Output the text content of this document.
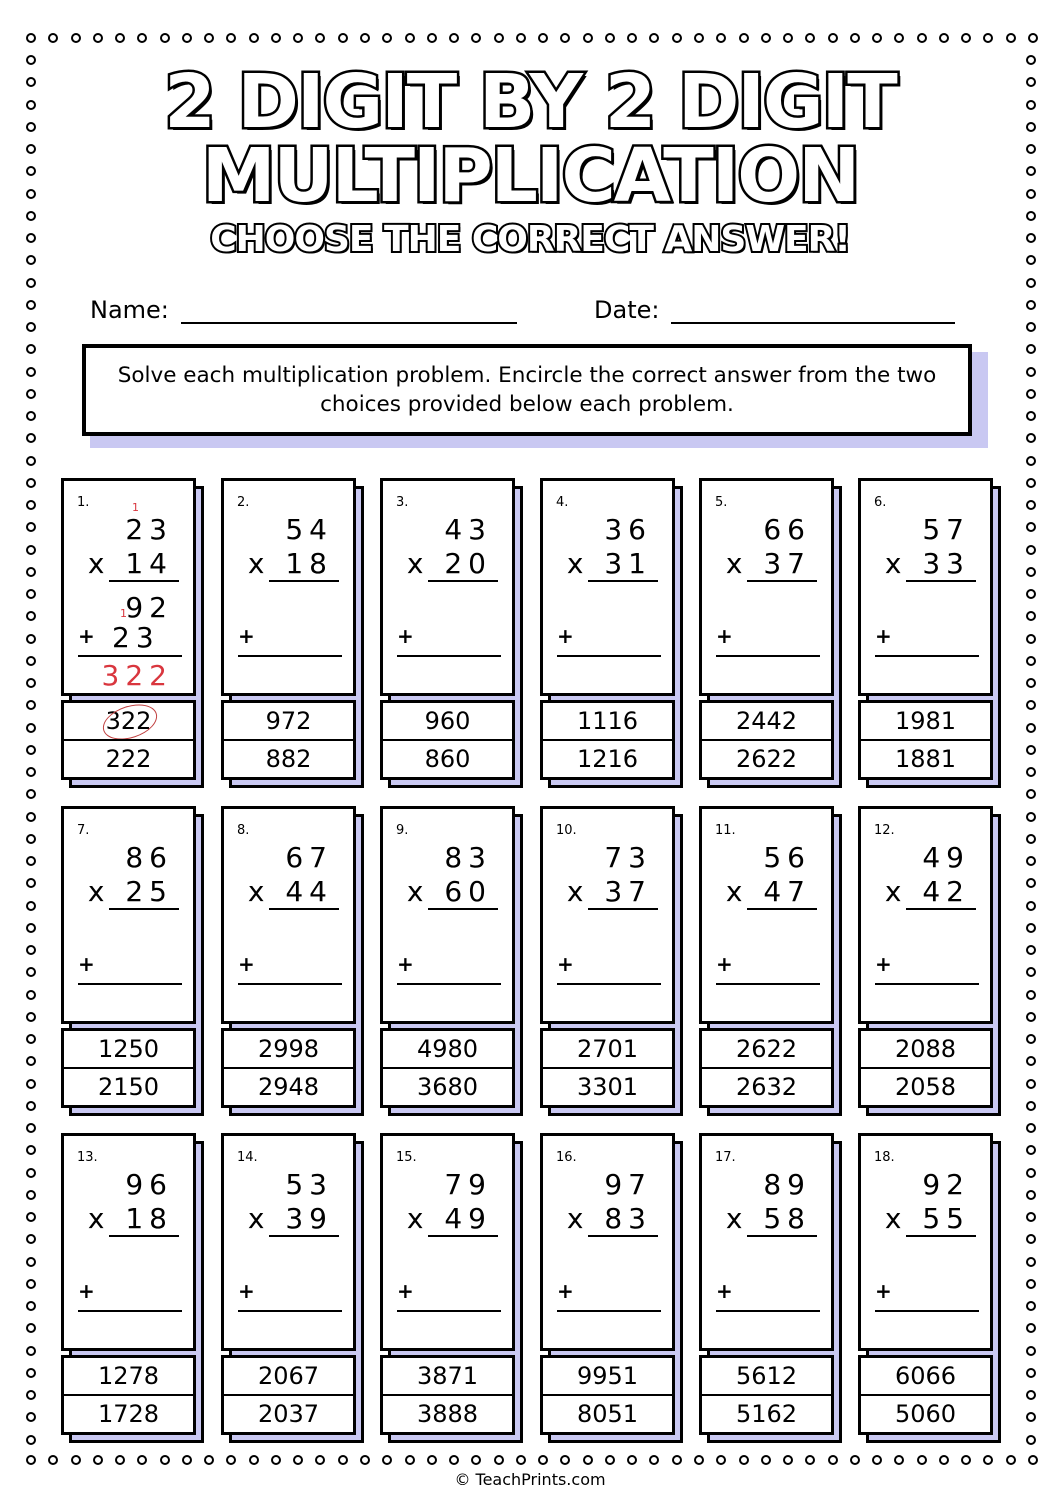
2 DIGIT BY 2 DIGIT
MULTIPLICATION
CHOOSE THE CORRECT ANSWER!
Name:	Date:
Solve each multiplication problem. Encircle the correct answer from the two choices provided below each problem.
1.
23
x 14
+
1
92
1
23
322
322
222
2.
54
x 18
+
972
882
3.
43
x 20
+
960
860
4.
36
x 31
+
1116
1216
5.
66
x 37
+
2442
2622
6.
57
x 33
+
1981
1881
7.
86
x 25
+
1250
2150
8.
67
x 44
+
2998
2948
9.
83
x 60
+
4980
3680
10.
73
x 37
+
2701
3301
11.
56
x 47
+
2622
2632
12.
49
x 42
+
2088
2058
13.
96
x 18
+
1278
1728
14.
53
x 39
+
2067
2037
15.
79
x 49
+
3871
3888
16.
97
x 83
+
9951
8051
17.
89
x 58
+
5612
5162
18.
92
x 55
+
6066
5060
© TeachPrints.com
